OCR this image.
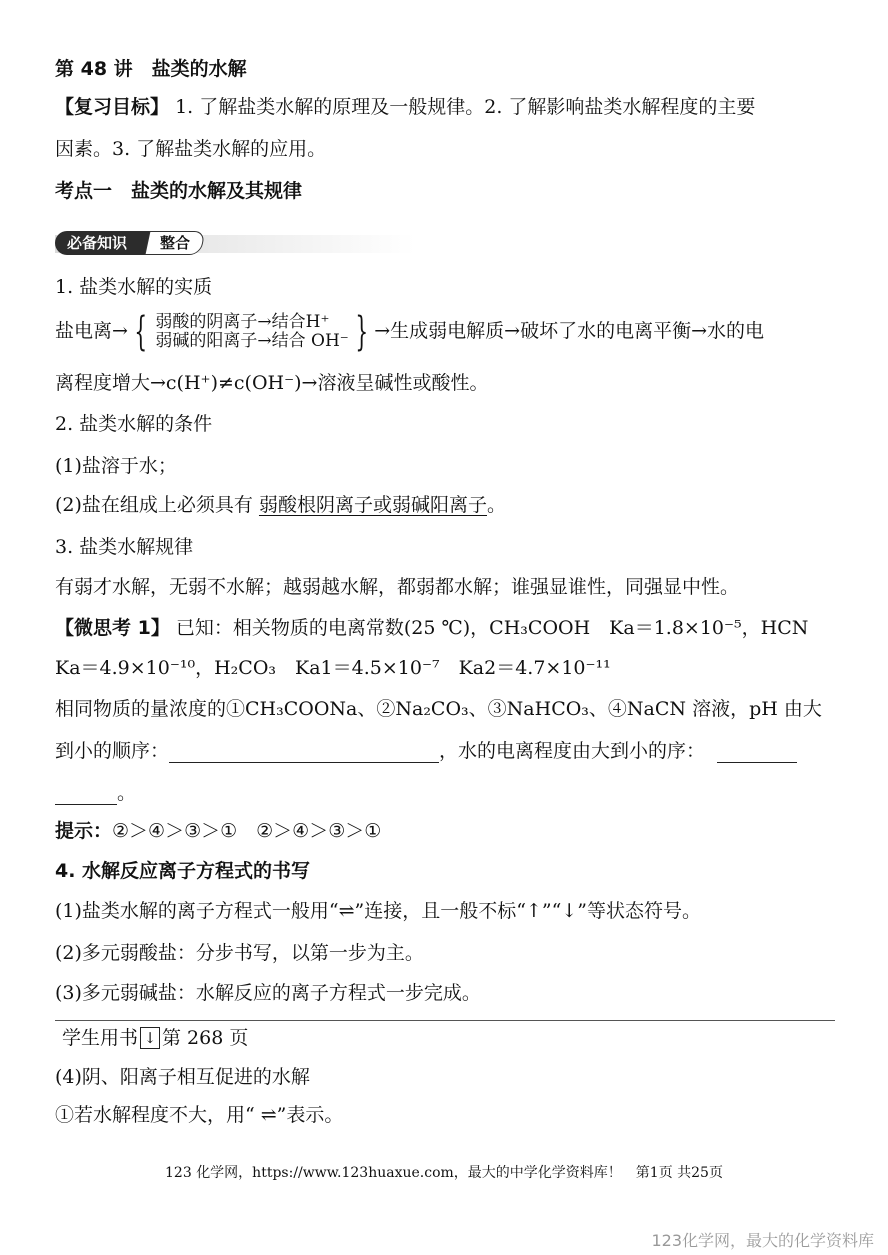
第 48 讲　盐类的水解
【复习目标】 1. 了解盐类水解的原理及一般规律。2. 了解影响盐类水解程度的主要
因素。3. 了解盐类水解的应用。
考点一　盐类的水解及其规律
必备知识	整合
1. 盐类水解的实质
盐电离→ { 弱酸的阴离子→结合H⁺
弱碱的阳离子→结合 OH⁻ } →生成弱电解质→破坏了水的电离平衡→水的电
离程度增大→c(H⁺)≠c(OH⁻)→溶液呈碱性或酸性。
2. 盐类水解的条件
(1)盐溶于水；
(2)盐在组成上必须具有 弱酸根阴离子或弱碱阳离子。
3. 盐类水解规律
有弱才水解，无弱不水解；越弱越水解，都弱都水解；谁强显谁性，同强显中性。
【微思考 1】 已知：相关物质的电离常数(25 ℃)，CH₃COOH　Ka＝1.8×10⁻⁵，HCN
Ka＝4.9×10⁻¹⁰，H₂CO₃　Ka1＝4.5×10⁻⁷　Ka2＝4.7×10⁻¹¹
相同物质的量浓度的①CH₃COONa、②Na₂CO₃、③NaHCO₃、④NaCN 溶液，pH 由大
到小的顺序：	，水的电离程度由大到小的序：
。
提示：②＞④＞③＞①　②＞④＞③＞①
4. 水解反应离子方程式的书写
(1)盐类水解的离子方程式一般用“⇌”连接，且一般不标“↑”“↓”等状态符号。
(2)多元弱酸盐：分步书写，以第一步为主。
(3)多元弱碱盐：水解反应的离子方程式一步完成。
学生用书 ↓ 第 268 页
(4)阴、阳离子相互促进的水解
①若水解程度不大，用“ ⇌”表示。
123 化学网，https://www.123huaxue.com，最大的中学化学资料库！　第1页 共25页
123化学网，最大的化学资料库
